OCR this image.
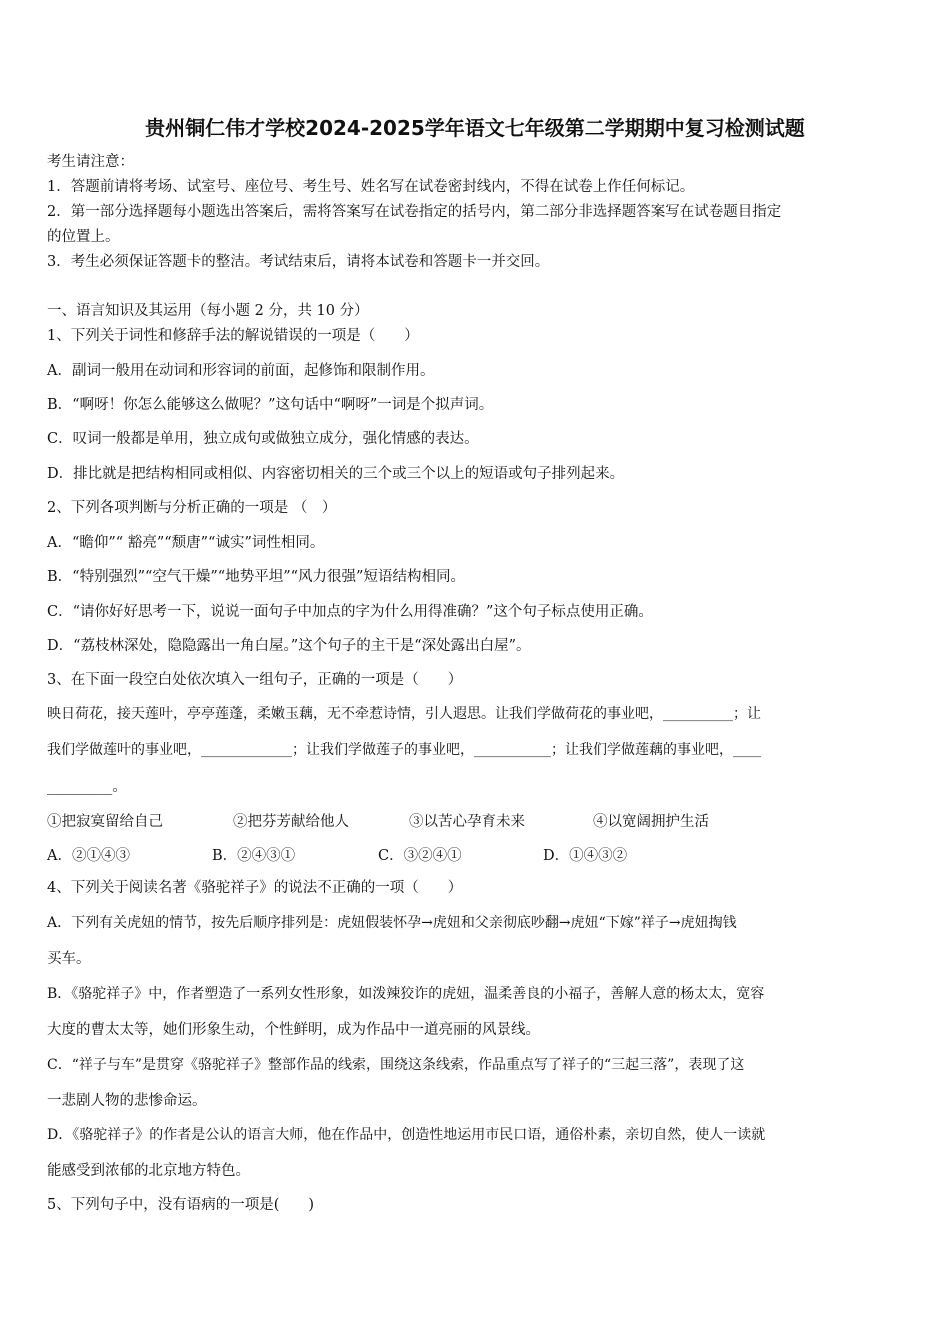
贵州铜仁伟才学校2024-2025学年语文七年级第二学期期中复习检测试题
考生请注意：
1．答题前请将考场、试室号、座位号、考生号、姓名写在试卷密封线内，不得在试卷上作任何标记。
2．第一部分选择题每小题选出答案后，需将答案写在试卷指定的括号内，第二部分非选择题答案写在试卷题目指定
的位置上。
3．考生必须保证答题卡的整洁。考试结束后，请将本试卷和答题卡一并交回。
一、语言知识及其运用（每小题 2 分，共 10 分）
1、下列关于词性和修辞手法的解说错误的一项是（　　）
A．副词一般用在动词和形容词的前面，起修饰和限制作用。
B．“啊呀！你怎么能够这么做呢？”这句话中“啊呀”一词是个拟声词。
C．叹词一般都是单用，独立成句或做独立成分，强化情感的表达。
D．排比就是把结构相同或相似、内容密切相关的三个或三个以上的短语或句子排列起来。
2、下列各项判断与分析正确的一项是 （　）
A．“瞻仰”“ 豁亮”“颓唐”“诚实”词性相同。
B．“特别强烈”“空气干燥”“地势平坦”“风力很强”短语结构相同。
C．“请你好好思考一下，说说一面句子中加点的字为什么用得准确？”这个句子标点使用正确。
D．“荔枝林深处，隐隐露出一角白屋。”这个句子的主干是“深处露出白屋”。
3、在下面一段空白处依次填入一组句子，正确的一项是（　　）
映日荷花，接天莲叶，亭亭莲蓬，柔嫩玉藕，无不牵惹诗情，引人遐思。让我们学做荷花的事业吧，__________；让
我们学做莲叶的事业吧，_____________；让我们学做莲子的事业吧，___________；让我们学做莲藕的事业吧，____
_________。
①把寂寞留给自己	②把芬芳献给他人	③以苦心孕育未来	④以宽阔拥护生活
A．②①④③	B．②④③①	C．③②④①	D．①④③②
4、下列关于阅读名著《骆驼祥子》的说法不正确的一项（　　）
A．下列有关虎妞的情节，按先后顺序排列是：虎妞假装怀孕→虎妞和父亲彻底吵翻→虎妞“下嫁”祥子→虎妞掏钱
买车。
B．《骆驼祥子》中，作者塑造了一系列女性形象，如泼辣狡诈的虎妞，温柔善良的小福子，善解人意的杨太太，宽容
大度的曹太太等，她们形象生动，个性鲜明，成为作品中一道亮丽的风景线。
C．“祥子与车”是贯穿《骆驼祥子》整部作品的线索，围绕这条线索，作品重点写了祥子的“三起三落”，表现了这
一悲剧人物的悲惨命运。
D．《骆驼祥子》的作者是公认的语言大师，他在作品中，创造性地运用市民口语，通俗朴素，亲切自然，使人一读就
能感受到浓郁的北京地方特色。
5、下列句子中，没有语病的一项是(　　)
